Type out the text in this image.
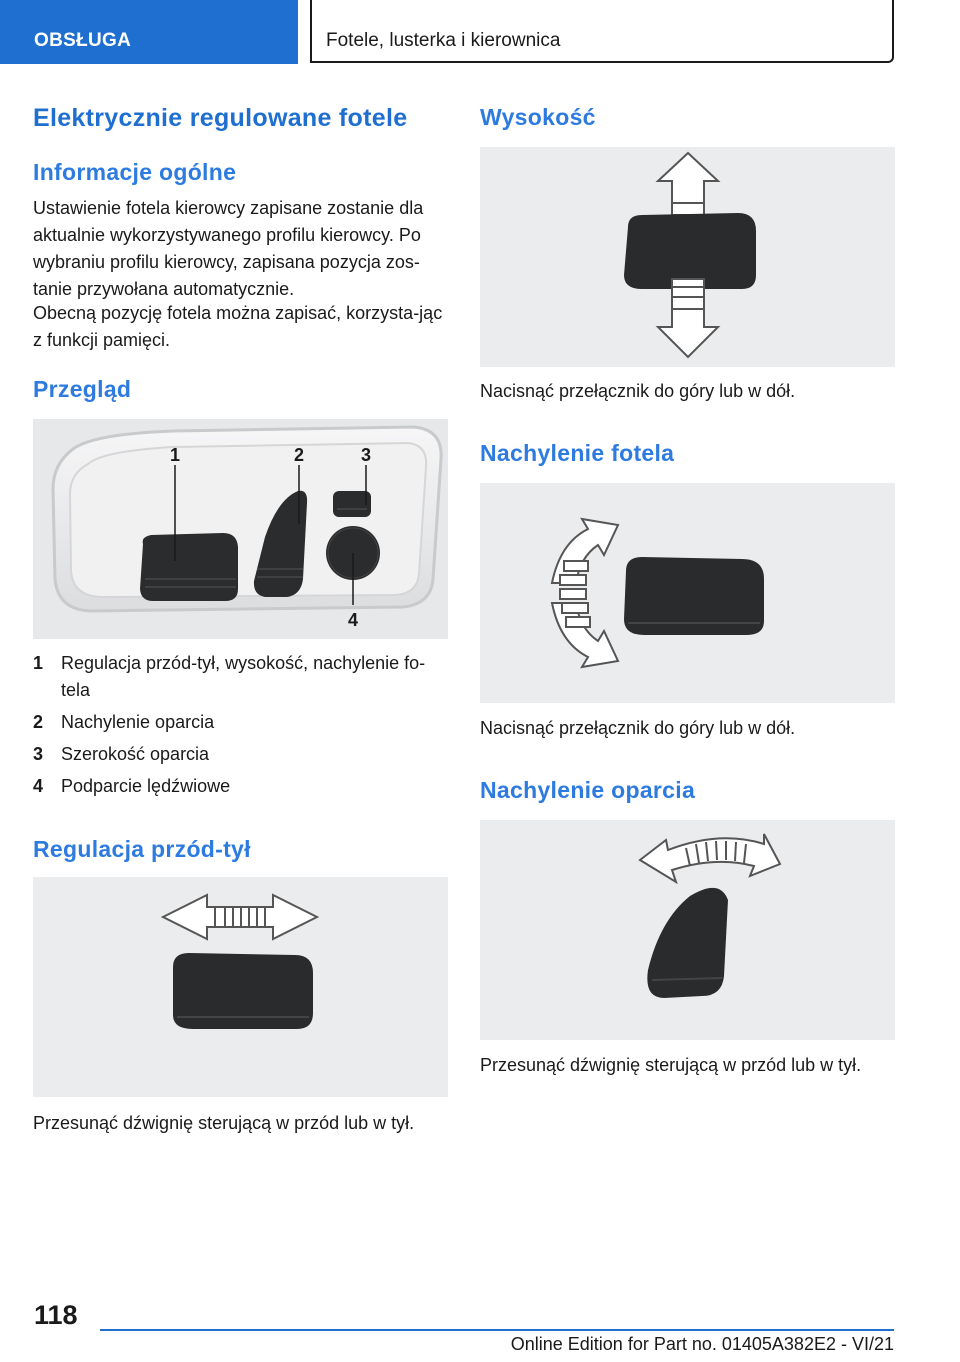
OBSŁUGA	Fotele, lusterka i kierownica
Elektrycznie regulowane fotele
Informacje ogólne

Ustawienie fotela kierowcy zapisane zostanie dla aktualnie wykorzystywanego profilu kierowcy. Po wybraniu profilu kierowcy, zapisana pozycja zos-tanie przywołana automatycznie.

Obecną pozycję fotela można zapisać, korzysta-jąc z funkcji pamięci.

Przegląd
1	2	3
4
1 Regulacja przód-tył, wysokość, nachylenie fo-tela
2 Nachylenie oparcia
3 Szerokość oparcia
4 Podparcie lędźwiowe
Regulacja przód-tył

Przesunąć dźwignię sterującą w przód lub w tył.

Wysokość

Nacisnąć przełącznik do góry lub w dół.

Nachylenie fotela

Nacisnąć przełącznik do góry lub w dół.

Nachylenie oparcia

Przesunąć dźwignię sterującą w przód lub w tył.

118
Online Edition for Part no. 01405A382E2 - VI/21
